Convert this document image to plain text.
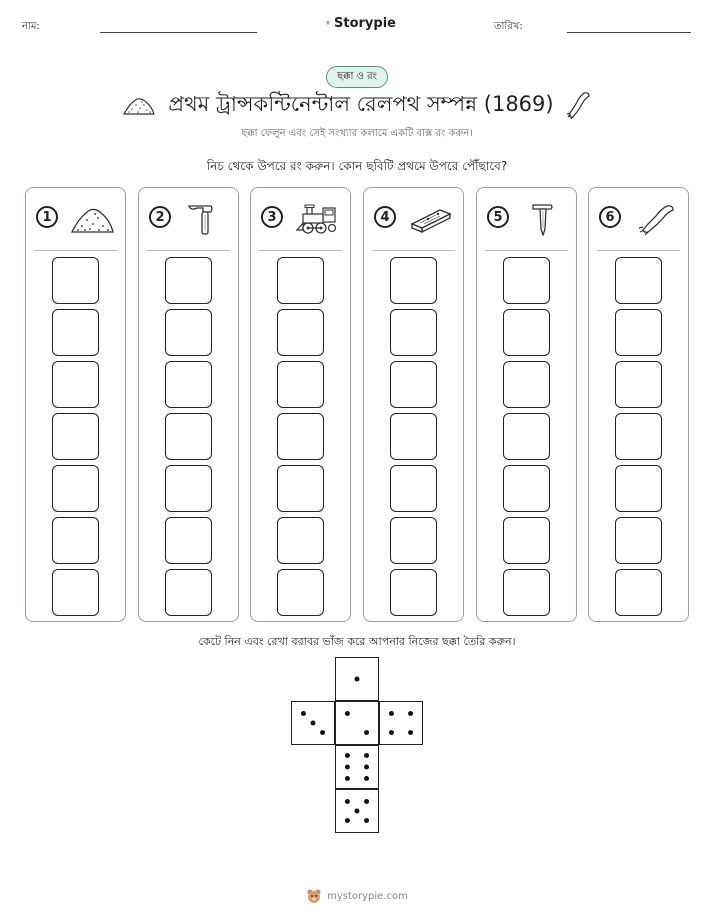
নাম:	Storypie	তারিখ:
ছক্কা ও রং
প্রথম ট্রান্সকন্টিনেন্টাল রেলপথ সম্পন্ন (1869)
ছক্কা ফেলুন এবং সেই সংখ্যার কলামে একটি বাক্স রং করুন।
নিচ থেকে উপরে রং করুন। কোন ছবিটি প্রথমে উপরে পৌঁছাবে?
1	2	3	4	5	6
কেটে নিন এবং রেখা বরাবর ভাঁজ করে আপনার নিজের ছক্কা তৈরি করুন।
mystorypie.com
